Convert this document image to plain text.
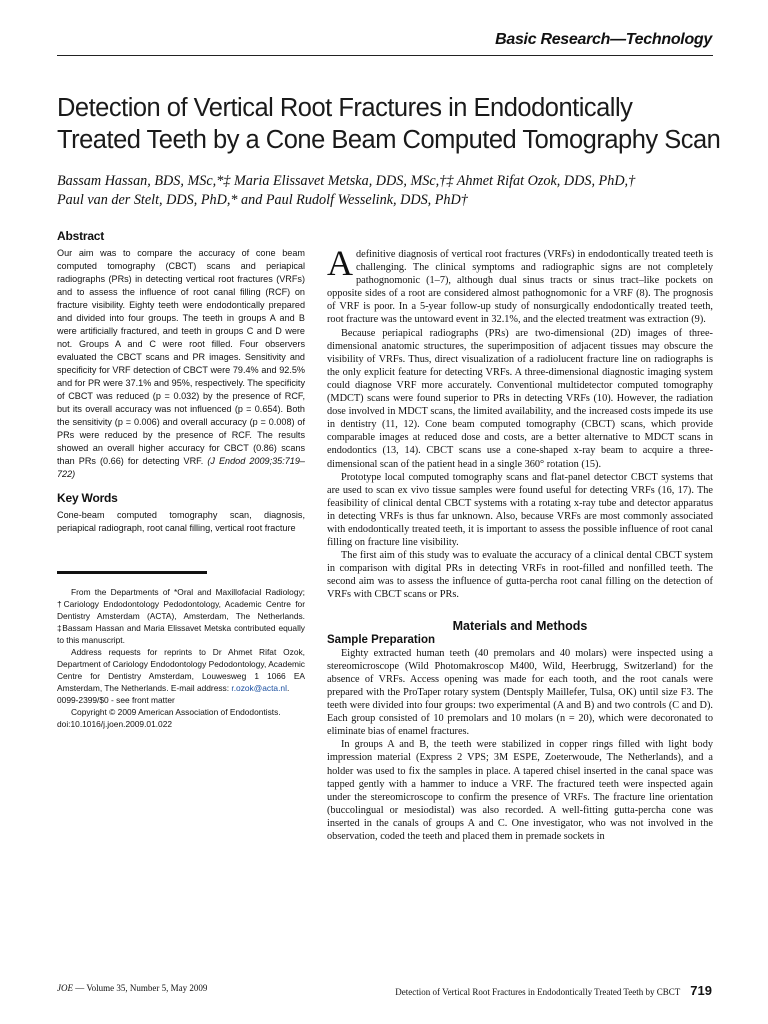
Basic Research—Technology
Detection of Vertical Root Fractures in Endodontically
Treated Teeth by a Cone Beam Computed Tomography Scan
Bassam Hassan, BDS, MSc,*‡ Maria Elissavet Metska, DDS, MSc,†‡ Ahmet Rifat Ozok, DDS, PhD,†
Paul van der Stelt, DDS, PhD,* and Paul Rudolf Wesselink, DDS, PhD†
Abstract
Our aim was to compare the accuracy of cone beam computed tomography (CBCT) scans and periapical radiographs (PRs) in detecting vertical root fractures (VRFs) and to assess the influence of root canal filling (RCF) on fracture visibility. Eighty teeth were endodontically prepared and divided into four groups. The teeth in groups A and B were artificially fractured, and teeth in groups C and D were not. Groups A and C were root filled. Four observers evaluated the CBCT scans and PR images. Sensitivity and specificity for VRF detection of CBCT were 79.4% and 92.5% and for PR were 37.1% and 95%, respectively. The specificity of CBCT was reduced (p = 0.032) by the presence of RCF, but its overall accuracy was not influenced (p = 0.654). Both the sensitivity (p = 0.006) and overall accuracy (p = 0.008) of PRs were reduced by the presence of RCF. The results showed an overall higher accuracy for CBCT (0.86) scans than PRs (0.66) for detecting VRF. (J Endod 2009;35:719–722)
Key Words
Cone-beam computed tomography scan, diagnosis, periapical radiograph, root canal filling, vertical root fracture
From the Departments of *Oral and Maxillofacial Radiology; †Cariology Endodontology Pedodontology, Academic Centre for Dentistry Amsterdam (ACTA), Amsterdam, The Netherlands. ‡Bassam Hassan and Maria Elissavet Metska contributed equally to this manuscript.
Address requests for reprints to Dr Ahmet Rifat Ozok, Department of Cariology Endodontology Pedodontology, Academic Centre for Dentistry Amsterdam, Louwesweg 1 1066 EA Amsterdam, The Netherlands. E-mail address: r.ozok@acta.nl.
0099-2399/$0 - see front matter
Copyright © 2009 American Association of Endodontists.
doi:10.1016/j.joen.2009.01.022

Adefinitive diagnosis of vertical root fractures (VRFs) in endodontically treated teeth is challenging. The clinical symptoms and radiographic signs are not completely pathognomonic (1–7), although dual sinus tracts or sinus tract–like pockets on opposite sides of a root are considered almost pathognomonic for a VRF (8). The prognosis of VRF is poor. In a 5-year follow-up study of nonsurgically endodontically treated teeth, root fracture was the untoward event in 32.1%, and the elected treatment was extraction (9).

Because periapical radiographs (PRs) are two-dimensional (2D) images of three-dimensional anatomic structures, the superimposition of adjacent tissues may obscure the visibility of VRFs. Thus, direct visualization of a radiolucent fracture line on radiographs is the only explicit feature for detecting VRFs. A three-dimensional diagnostic imaging system could diagnose VRF more accurately. Conventional multidetector computed tomography (MDCT) scans were found superior to PRs in detecting VRFs (10). However, the radiation dose involved in MDCT scans, the limited availability, and the increased costs impede its use in dentistry (11, 12). Cone beam computed tomography (CBCT) scans, which provide comparable images at reduced dose and costs, are a better alternative to MDCT scans in endodontics (13, 14). CBCT scans use a cone-shaped x-ray beam to acquire a three-dimensional scan of the patient head in a single 360° rotation (15).

Prototype local computed tomography scans and flat-panel detector CBCT systems that are used to scan ex vivo tissue samples were found useful for detecting VRFs (16, 17). The feasibility of clinical dental CBCT systems with a rotating x-ray tube and detector apparatus in detecting VRFs is thus far unknown. Also, because VRFs are most commonly associated with endodontically treated teeth, it is important to assess the possible influence of root canal filling on fracture line visibility.

The first aim of this study was to evaluate the accuracy of a clinical dental CBCT system in comparison with digital PRs in detecting VRFs in root-filled and nonfilled teeth. The second aim was to assess the influence of gutta-percha root canal filling on the detection of VRFs with CBCT scans or PRs.

Materials and Methods

Sample Preparation

Eighty extracted human teeth (40 premolars and 40 molars) were inspected using a stereomicroscope (Wild Photomakroscop M400, Wild, Heerbrugg, Switzerland) for the absence of VRFs. Access opening was made for each tooth, and the root canals were prepared with the ProTaper rotary system (Dentsply Maillefer, Tulsa, OK) until size F3. The teeth were divided into four groups: two experimental (A and B) and two controls (C and D). Each group consisted of 10 premolars and 10 molars (n = 20), which were decoronated to eliminate bias of enamel fractures.

In groups A and B, the teeth were stabilized in copper rings filled with light body impression material (Express 2 VPS; 3M ESPE, Zoeterwoude, The Netherlands), and a holder was used to fix the samples in place. A tapered chisel inserted in the canal space was tapped gently with a hammer to induce a VRF. The fractured teeth were inspected again under the stereomicroscope to confirm the presence of VRFs. The fracture line orientation (buccolingual or mesiodistal) was also recorded. A well-fitting gutta-percha cone was inserted in the canals of groups A and C. One investigator, who was not involved in the observation, coded the teeth and placed them in premade sockets in

JOE — Volume 35, Number 5, May 2009	Detection of Vertical Root Fractures in Endodontically Treated Teeth by CBCT 719
